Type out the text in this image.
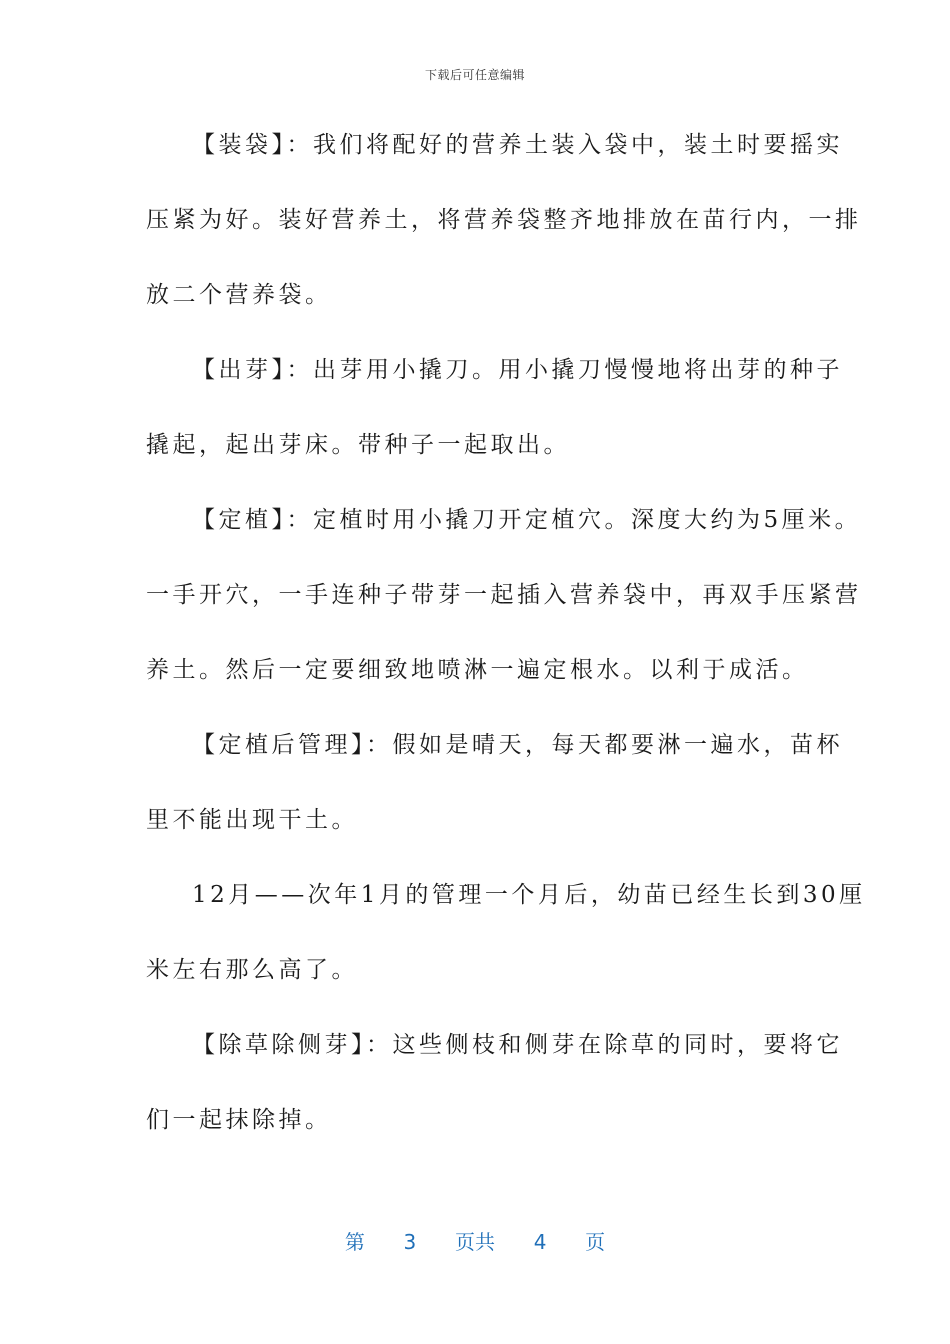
下载后可任意编辑
【装袋】：我们将配好的营养土装入袋中，装土时要摇实
压紧为好。装好营养土，将营养袋整齐地排放在苗行内，一排
放二个营养袋。
【出芽】：出芽用小撬刀。用小撬刀慢慢地将出芽的种子
撬起，起出芽床。带种子一起取出。
【定植】：定植时用小撬刀开定植穴。深度大约为5厘米。
一手开穴，一手连种子带芽一起插入营养袋中，再双手压紧营
养土。然后一定要细致地喷淋一遍定根水。以利于成活。
【定植后管理】：假如是晴天，每天都要淋一遍水，苗杯
里不能出现干土。
12月——次年1月的管理一个月后，幼苗已经生长到30厘
米左右那么高了。
【除草除侧芽】：这些侧枝和侧芽在除草的同时，要将它
们一起抹除掉。
第 3 页共 4 页
